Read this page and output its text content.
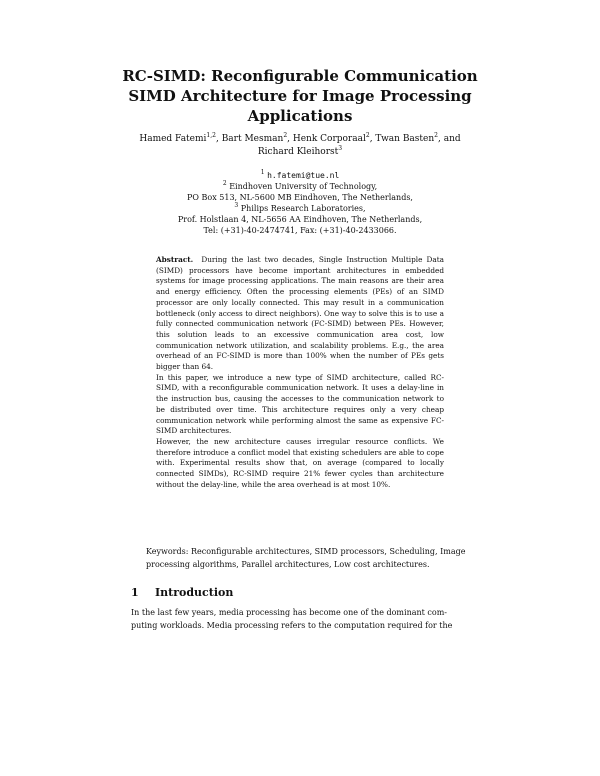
RC-SIMD: Reconfigurable Communication
SIMD Architecture for Image Processing
Applications
Hamed Fatemi$^{1,2}$, Bart Mesman$^2$, Henk Corporaal$^2$, Twan Basten$^2$, and
Richard Kleihorst$^3$
$^1$ h.fatemi@tue.nl
$^2$ Eindhoven University of Technology,
PO Box 513, NL-5600 MB Eindhoven, The Netherlands,
$^3$ Philips Research Laboratories,
Prof. Holstlaan 4, NL-5656 AA Eindhoven, The Netherlands,
Tel: (+31)-40-2474741, Fax: (+31)-40-2433066.

Abstract. During the last two decades, Single Instruction Multiple Data (SIMD) processors have become important architectures in embedded systems for image processing applications. The main reasons are their area and energy efficiency. Often the processing elements (PEs) of an SIMD processor are only locally connected. This may result in a communication bottleneck (only access to direct neighbors). One way to solve this is to use a fully connected communication network (FC-SIMD) between PEs. However, this solution leads to an excessive communication area cost, low communication network utilization, and scalability problems. E.g., the area overhead of an FC-SIMD is more than 100% when the number of PEs gets bigger than 64.

In this paper, we introduce a new type of SIMD architecture, called RC-SIMD, with a reconfigurable communication network. It uses a delay-line in the instruction bus, causing the accesses to the communication network to be distributed over time. This architecture requires only a very cheap communication network while performing almost the same as expensive FC-SIMD architectures.

However, the new architecture causes irregular resource conflicts. We therefore introduce a conflict model that existing schedulers are able to cope with. Experimental results show that, on average (compared to locally connected SIMDs), RC-SIMD require 21% fewer cycles than architecture without the delay-line, while the area overhead is at most 10%.

Keywords: Reconfigurable architectures, SIMD processors, Scheduling, Image
processing algorithms, Parallel architectures, Low cost architectures.
1 Introduction
In the last few years, media processing has become one of the dominant com-
puting workloads. Media processing refers to the computation required for the
